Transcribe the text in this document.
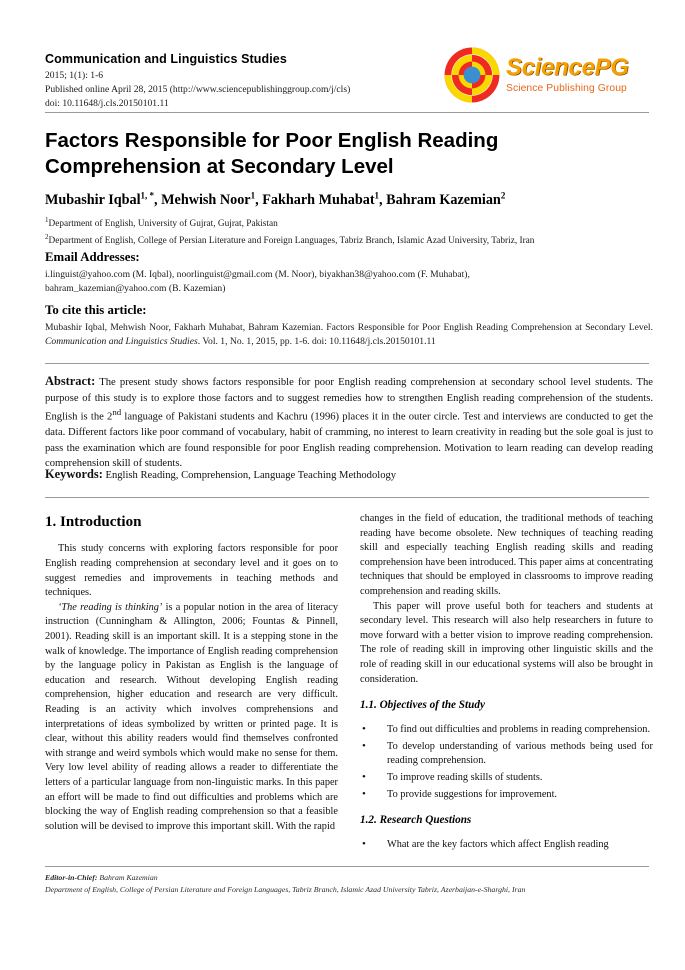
Communication and Linguistics Studies
2015; 1(1): 1-6
Published online April 28, 2015 (http://www.sciencepublishinggroup.com/j/cls)
doi: 10.11648/j.cls.20150101.11
SciencePG
Science Publishing Group
Factors Responsible for Poor English Reading
Comprehension at Secondary Level
Mubashir Iqbal$^{1, *}$, Mehwish Noor$^1$, Fakharh Muhabat$^1$, Bahram Kazemian$^2$
$^1$Department of English, University of Gujrat, Gujrat, Pakistan
$^2$Department of English, College of Persian Literature and Foreign Languages, Tabriz Branch, Islamic Azad University, Tabriz, Iran
Email Addresses:
i.linguist@yahoo.com (M. Iqbal), noorlinguist@gmail.com (M. Noor), biyakhan38@yahoo.com (F. Muhabat),
bahram_kazemian@yahoo.com (B. Kazemian)
To cite this article:
Mubashir Iqbal, Mehwish Noor, Fakharh Muhabat, Bahram Kazemian. Factors Responsible for Poor English Reading Comprehension at Secondary Level. Communication and Linguistics Studies. Vol. 1, No. 1, 2015, pp. 1-6. doi: 10.11648/j.cls.20150101.11
Abstract: The present study shows factors responsible for poor English reading comprehension at secondary school level students. The purpose of this study is to explore those factors and to suggest remedies how to strengthen English reading comprehension of the students. English is the 2nd language of Pakistani students and Kachru (1996) places it in the outer circle. Test and interviews are conducted to get the data. Different factors like poor command of vocabulary, habit of cramming, no interest to learn creativity in reading but the sole goal is just to pass the examination which are found responsible for poor English reading comprehension. Motivation to learn reading can develop reading comprehension skill of students.
Keywords: English Reading, Comprehension, Language Teaching Methodology
1. Introduction

This study concerns with exploring factors responsible for poor English reading comprehension at secondary level and it goes on to suggest remedies and improvements in teaching methods and techniques.

‘The reading is thinking’ is a popular notion in the area of literacy instruction (Cunningham & Allington, 2006; Fountas & Pinnell, 2001). Reading skill is an important skill. It is a stepping stone in the walk of knowledge. The importance of English reading comprehension by the language policy in Pakistan as English is the language of education and research. Without developing English reading comprehension, higher education and research are very difficult. Reading is an activity which involves comprehensions and interpretations of ideas symbolized by written or printed page. It is clear, without this ability readers would find themselves confronted with strange and weird symbols which would make no sense for them. Very low level ability of reading allows a reader to differentiate the letters of a particular language from non-linguistic marks. In this paper an effort will be made to find out difficulties and problems which are blocking the way of English reading comprehension so that a feasible solution will be devised to improve this important skill. With the rapid

changes in the field of education, the traditional methods of teaching reading have become obsolete. New techniques of teaching reading skill and especially teaching English reading skills and reading comprehension have been introduced. This paper aims at concentrating techniques that should be employed in classrooms to improve reading comprehension and reading skills.

This paper will prove useful both for teachers and students at secondary level. This research will also help researchers in future to move forward with a better vision to improve reading comprehension. The role of reading skill in improving other linguistic skills and the role of reading skill in our educational systems will also be brought in consideration.

1.1. Objectives of the Study
• To find out difficulties and problems in reading comprehension.
• To develop understanding of various methods being used for reading comprehension.
• To improve reading skills of students.
• To provide suggestions for improvement.
1.2. Research Questions
• What are the key factors which affect English reading
Editor-in-Chief: Bahram Kazemian
Department of English, College of Persian Literature and Foreign Languages, Tabriz Branch, Islamic Azad University Tabriz, Azerbaijan-e-Sharghi, Iran
